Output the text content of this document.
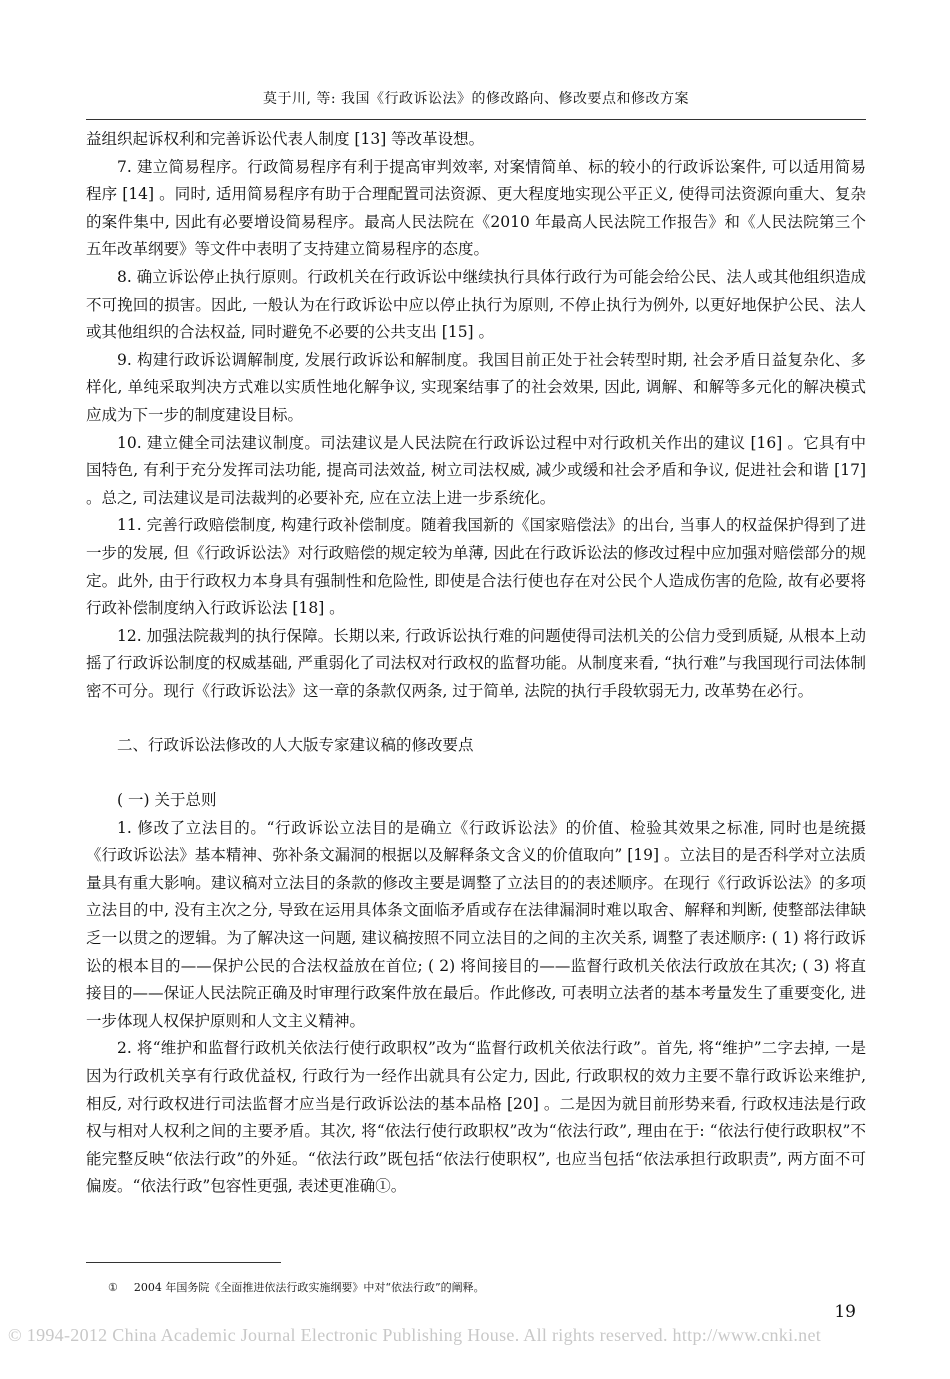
莫于川, 等: 我国《行政诉讼法》的修改路向、修改要点和修改方案

益组织起诉权利和完善诉讼代表人制度 [13] 等改革设想。

7. 建立简易程序。行政简易程序有利于提高审判效率, 对案情简单、标的较小的行政诉讼案件, 可以适用简易程序 [14] 。同时, 适用简易程序有助于合理配置司法资源、更大程度地实现公平正义, 使得司法资源向重大、复杂的案件集中, 因此有必要增设简易程序。最高人民法院在《2010 年最高人民法院工作报告》和《人民法院第三个五年改革纲要》等文件中表明了支持建立简易程序的态度。

8. 确立诉讼停止执行原则。行政机关在行政诉讼中继续执行具体行政行为可能会给公民、法人或其他组织造成不可挽回的损害。因此, 一般认为在行政诉讼中应以停止执行为原则, 不停止执行为例外, 以更好地保护公民、法人或其他组织的合法权益, 同时避免不必要的公共支出 [15] 。

9. 构建行政诉讼调解制度, 发展行政诉讼和解制度。我国目前正处于社会转型时期, 社会矛盾日益复杂化、多样化, 单纯采取判决方式难以实质性地化解争议, 实现案结事了的社会效果, 因此, 调解、和解等多元化的解决模式应成为下一步的制度建设目标。

10. 建立健全司法建议制度。司法建议是人民法院在行政诉讼过程中对行政机关作出的建议 [16] 。它具有中国特色, 有利于充分发挥司法功能, 提高司法效益, 树立司法权威, 减少或缓和社会矛盾和争议, 促进社会和谐 [17] 。总之, 司法建议是司法裁判的必要补充, 应在立法上进一步系统化。

11. 完善行政赔偿制度, 构建行政补偿制度。随着我国新的《国家赔偿法》的出台, 当事人的权益保护得到了进一步的发展, 但《行政诉讼法》对行政赔偿的规定较为单薄, 因此在行政诉讼法的修改过程中应加强对赔偿部分的规定。此外, 由于行政权力本身具有强制性和危险性, 即使是合法行使也存在对公民个人造成伤害的危险, 故有必要将行政补偿制度纳入行政诉讼法 [18] 。

12. 加强法院裁判的执行保障。长期以来, 行政诉讼执行难的问题使得司法机关的公信力受到质疑, 从根本上动摇了行政诉讼制度的权威基础, 严重弱化了司法权对行政权的监督功能。从制度来看, “执行难”与我国现行司法体制密不可分。现行《行政诉讼法》这一章的条款仅两条, 过于简单, 法院的执行手段软弱无力, 改革势在必行。

二、行政诉讼法修改的人大版专家建议稿的修改要点

( 一) 关于总则

1. 修改了立法目的。“行政诉讼立法目的是确立《行政诉讼法》的价值、检验其效果之标准, 同时也是统摄《行政诉讼法》基本精神、弥补条文漏洞的根据以及解释条文含义的价值取向” [19] 。立法目的是否科学对立法质量具有重大影响。建议稿对立法目的条款的修改主要是调整了立法目的的表述顺序。在现行《行政诉讼法》的多项立法目的中, 没有主次之分, 导致在运用具体条文面临矛盾或存在法律漏洞时难以取舍、解释和判断, 使整部法律缺乏一以贯之的逻辑。为了解决这一问题, 建议稿按照不同立法目的之间的主次关系, 调整了表述顺序: ( 1) 将行政诉讼的根本目的——保护公民的合法权益放在首位; ( 2) 将间接目的——监督行政机关依法行政放在其次; ( 3) 将直接目的——保证人民法院正确及时审理行政案件放在最后。作此修改, 可表明立法者的基本考量发生了重要变化, 进一步体现人权保护原则和人文主义精神。

2. 将“维护和监督行政机关依法行使行政职权”改为“监督行政机关依法行政”。首先, 将“维护”二字去掉, 一是因为行政机关享有行政优益权, 行政行为一经作出就具有公定力, 因此, 行政职权的效力主要不靠行政诉讼来维护, 相反, 对行政权进行司法监督才应当是行政诉讼法的基本品格 [20] 。二是因为就目前形势来看, 行政权违法是行政权与相对人权利之间的主要矛盾。其次, 将“依法行使行政职权”改为“依法行政”, 理由在于: “依法行使行政职权”不能完整反映“依法行政”的外延。“依法行政”既包括“依法行使职权”, 也应当包括“依法承担行政职责”, 两方面不可偏废。“依法行政”包容性更强, 表述更准确①。

① 2004 年国务院《全面推进依法行政实施纲要》中对“依法行政”的阐释。
19
© 1994-2012 China Academic Journal Electronic Publishing House. All rights reserved. http://www.cnki.net
